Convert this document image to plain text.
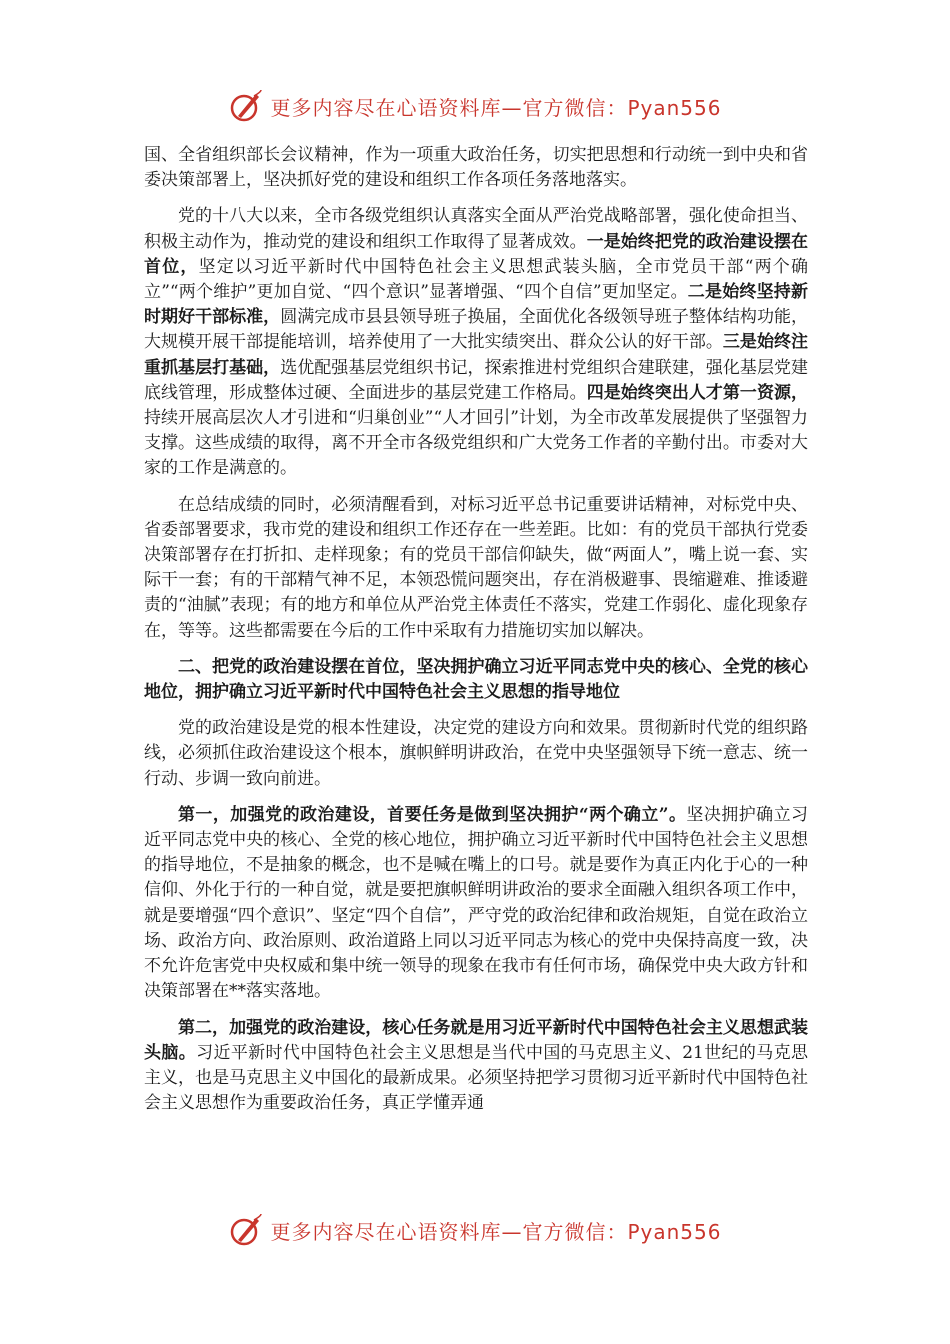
更多内容尽在心语资料库—官方微信：Pyan556

国、全省组织部长会议精神，作为一项重大政治任务，切实把思想和行动统一到中央和省委决策部署上，坚决抓好党的建设和组织工作各项任务落地落实。

党的十八大以来，全市各级党组织认真落实全面从严治党战略部署，强化使命担当、积极主动作为，推动党的建设和组织工作取得了显著成效。一是始终把党的政治建设摆在首位，坚定以习近平新时代中国特色社会主义思想武装头脑，全市党员干部“两个确立”“两个维护”更加自觉、“四个意识”显著增强、“四个自信”更加坚定。二是始终坚持新时期好干部标准，圆满完成市县县领导班子换届，全面优化各级领导班子整体结构功能，大规模开展干部提能培训，培养使用了一大批实绩突出、群众公认的好干部。三是始终注重抓基层打基础，选优配强基层党组织书记，探索推进村党组织合建联建，强化基层党建底线管理，形成整体过硬、全面进步的基层党建工作格局。四是始终突出人才第一资源，持续开展高层次人才引进和“归巢创业”“人才回引”计划，为全市改革发展提供了坚强智力支撑。这些成绩的取得，离不开全市各级党组织和广大党务工作者的辛勤付出。市委对大家的工作是满意的。

在总结成绩的同时，必须清醒看到，对标习近平总书记重要讲话精神，对标党中央、省委部署要求，我市党的建设和组织工作还存在一些差距。比如：有的党员干部执行党委决策部署存在打折扣、走样现象；有的党员干部信仰缺失，做“两面人”，嘴上说一套、实际干一套；有的干部精气神不足，本领恐慌问题突出，存在消极避事、畏缩避难、推诿避责的“油腻”表现；有的地方和单位从严治党主体责任不落实，党建工作弱化、虚化现象存在，等等。这些都需要在今后的工作中采取有力措施切实加以解决。

二、把党的政治建设摆在首位，坚决拥护确立习近平同志党中央的核心、全党的核心地位，拥护确立习近平新时代中国特色社会主义思想的指导地位

党的政治建设是党的根本性建设，决定党的建设方向和效果。贯彻新时代党的组织路线，必须抓住政治建设这个根本，旗帜鲜明讲政治，在党中央坚强领导下统一意志、统一行动、步调一致向前进。

第一，加强党的政治建设，首要任务是做到坚决拥护“两个确立”。坚决拥护确立习近平同志党中央的核心、全党的核心地位，拥护确立习近平新时代中国特色社会主义思想的指导地位，不是抽象的概念，也不是喊在嘴上的口号。就是要作为真正内化于心的一种信仰、外化于行的一种自觉，就是要把旗帜鲜明讲政治的要求全面融入组织各项工作中，就是要增强“四个意识”、坚定“四个自信”，严守党的政治纪律和政治规矩，自觉在政治立场、政治方向、政治原则、政治道路上同以习近平同志为核心的党中央保持高度一致，决不允许危害党中央权威和集中统一领导的现象在我市有任何市场，确保党中央大政方针和决策部署在**落实落地。

第二，加强党的政治建设，核心任务就是用习近平新时代中国特色社会主义思想武装头脑。习近平新时代中国特色社会主义思想是当代中国的马克思主义、21世纪的马克思主义，也是马克思主义中国化的最新成果。必须坚持把学习贯彻习近平新时代中国特色社会主义思想作为重要政治任务，真正学懂弄通

更多内容尽在心语资料库—官方微信：Pyan556
